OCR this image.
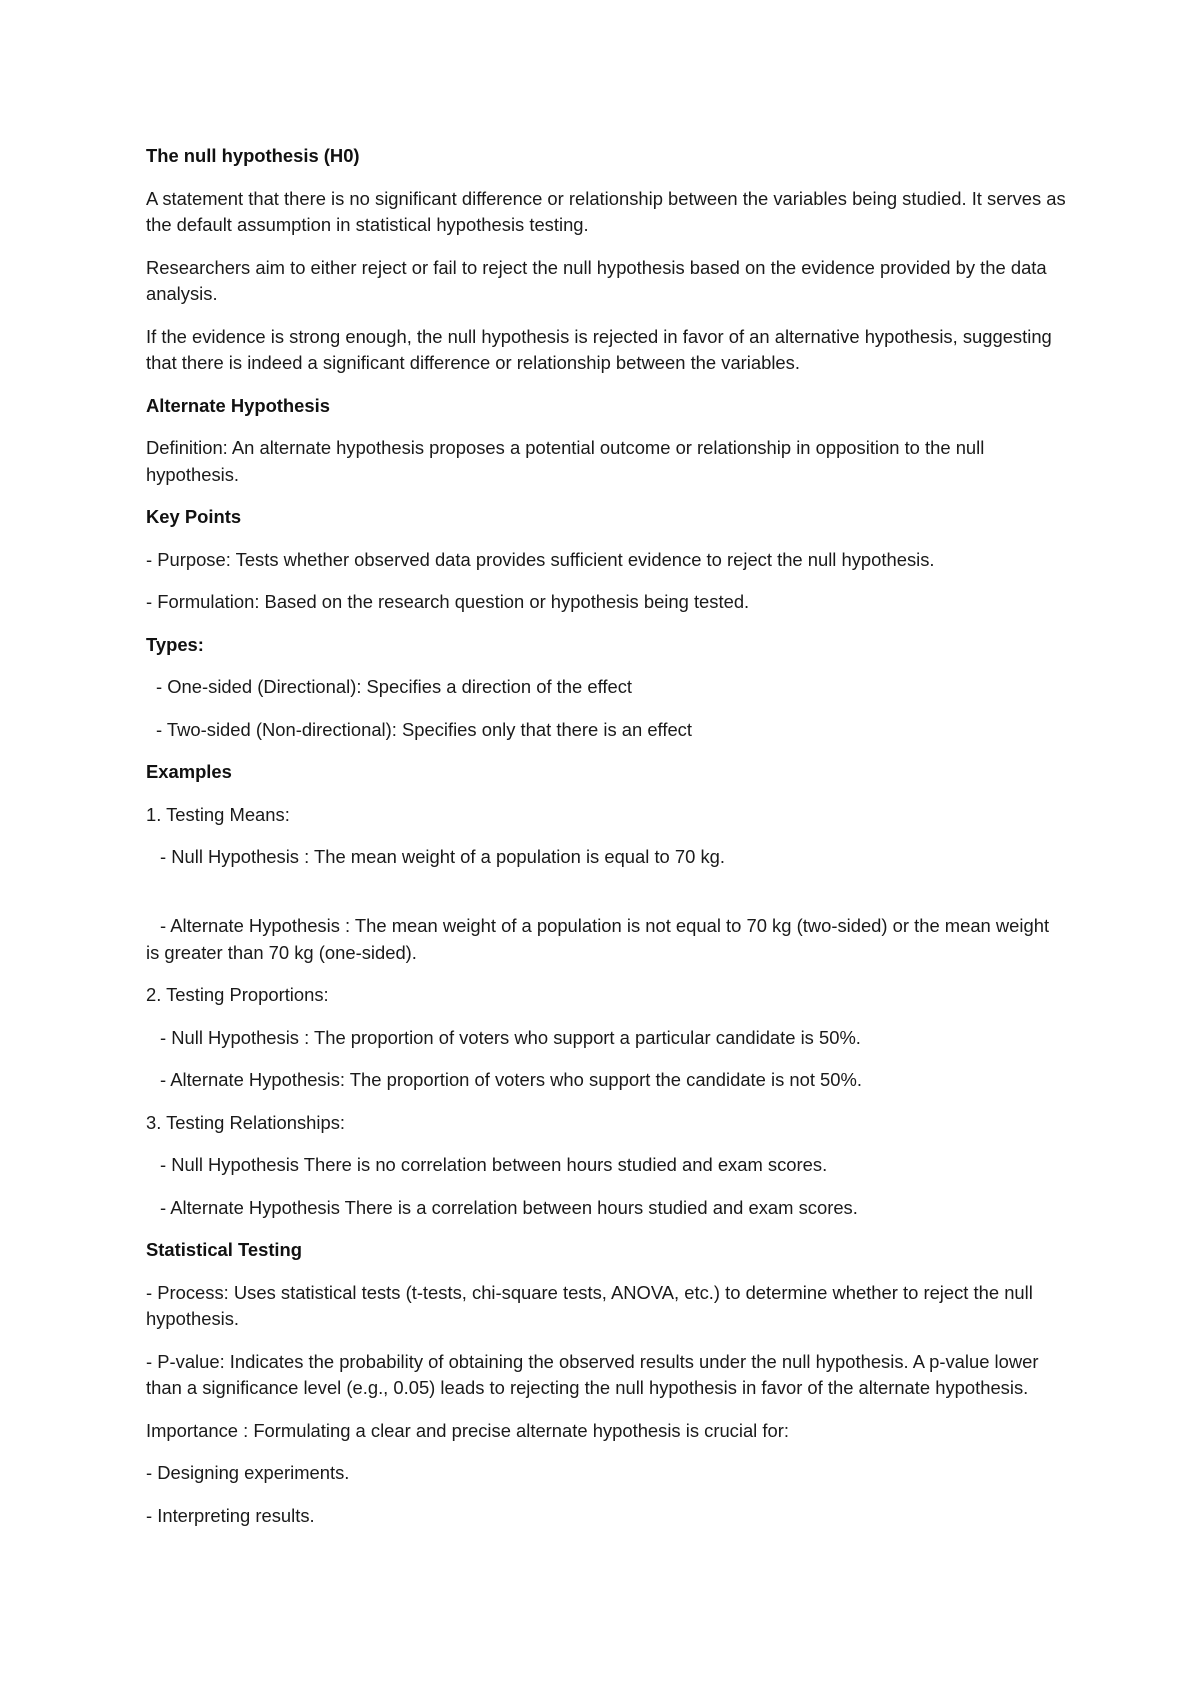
The null hypothesis (H0)

A statement that there is no significant difference or relationship between the variables being studied. It serves as the default assumption in statistical hypothesis testing.

Researchers aim to either reject or fail to reject the null hypothesis based on the evidence provided by the data analysis.

If the evidence is strong enough, the null hypothesis is rejected in favor of an alternative hypothesis, suggesting that there is indeed a significant difference or relationship between the variables.

Alternate Hypothesis

Definition: An alternate hypothesis proposes a potential outcome or relationship in opposition to the null hypothesis.

Key Points

- Purpose: Tests whether observed data provides sufficient evidence to reject the null hypothesis.

- Formulation: Based on the research question or hypothesis being tested.

Types:

- One-sided (Directional): Specifies a direction of the effect

- Two-sided (Non-directional): Specifies only that there is an effect

Examples

1. Testing Means:

- Null Hypothesis : The mean weight of a population is equal to 70 kg.

- Alternate Hypothesis : The mean weight of a population is not equal to 70 kg (two-sided) or the mean weight is greater than 70 kg (one-sided).

2. Testing Proportions:

- Null Hypothesis : The proportion of voters who support a particular candidate is 50%.

- Alternate Hypothesis: The proportion of voters who support the candidate is not 50%.

3. Testing Relationships:

- Null Hypothesis There is no correlation between hours studied and exam scores.

- Alternate Hypothesis There is a correlation between hours studied and exam scores.

Statistical Testing

- Process: Uses statistical tests (t-tests, chi-square tests, ANOVA, etc.) to determine whether to reject the null hypothesis.

- P-value: Indicates the probability of obtaining the observed results under the null hypothesis. A p-value lower than a significance level (e.g., 0.05) leads to rejecting the null hypothesis in favor of the alternate hypothesis.

Importance : Formulating a clear and precise alternate hypothesis is crucial for:

- Designing experiments.

- Interpreting results.
